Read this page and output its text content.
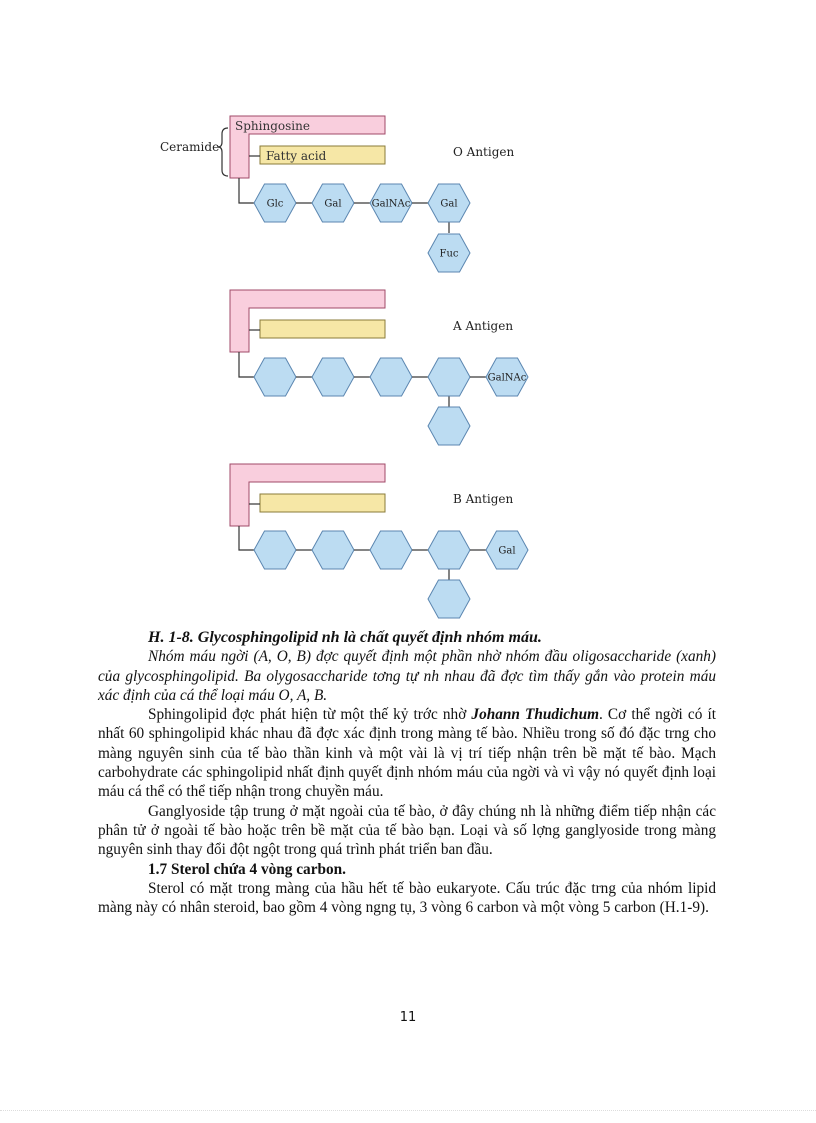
Ceramide
Sphingosine
Fatty acid	O Antigen
Glc	Gal	GalNAc	Gal
Fuc
A Antigen
GalNAc
B Antigen
Gal

H. 1-8. Glycosphingolipid nh là chất quyết định nhóm máu.

Nhóm máu ngời (A, O, B) đợc quyết định một phần nhờ nhóm đầu oligosaccharide (xanh) của glycosphingolipid. Ba olygosaccharide tơng tự nh nhau đã đợc tìm thấy gắn vào protein máu xác định của cá thể loại máu O, A, B.

Sphingolipid đợc phát hiện từ một thế kỷ trớc nhờ Johann Thudichum. Cơ thể ngời có ít nhất 60 sphingolipid khác nhau đã đợc xác định trong màng tế bào. Nhiều trong số đó đặc trng cho màng nguyên sinh của tế bào thần kinh và một vài là vị trí tiếp nhận trên bề mặt tế bào. Mạch carbohydrate các sphingolipid nhất định quyết định nhóm máu của ngời và vì vậy nó quyết định loại máu cá thể có thể tiếp nhận trong chuyền máu.

Ganglyoside tập trung ở mặt ngoài của tế bào, ở đây chúng nh là những điểm tiếp nhận các phân tử ở ngoài tế bào hoặc trên bề mặt của tế bào bạn. Loại và số lợng ganglyoside trong màng nguyên sinh thay đổi đột ngột trong quá trình phát triển ban đầu.

1.7 Sterol chứa 4 vòng carbon.

Sterol có mặt trong màng của hầu hết tế bào eukaryote. Cấu trúc đặc trng của nhóm lipid màng này có nhân steroid, bao gồm 4 vòng ngng tụ, 3 vòng 6 carbon và một vòng 5 carbon (H.1-9).

11
